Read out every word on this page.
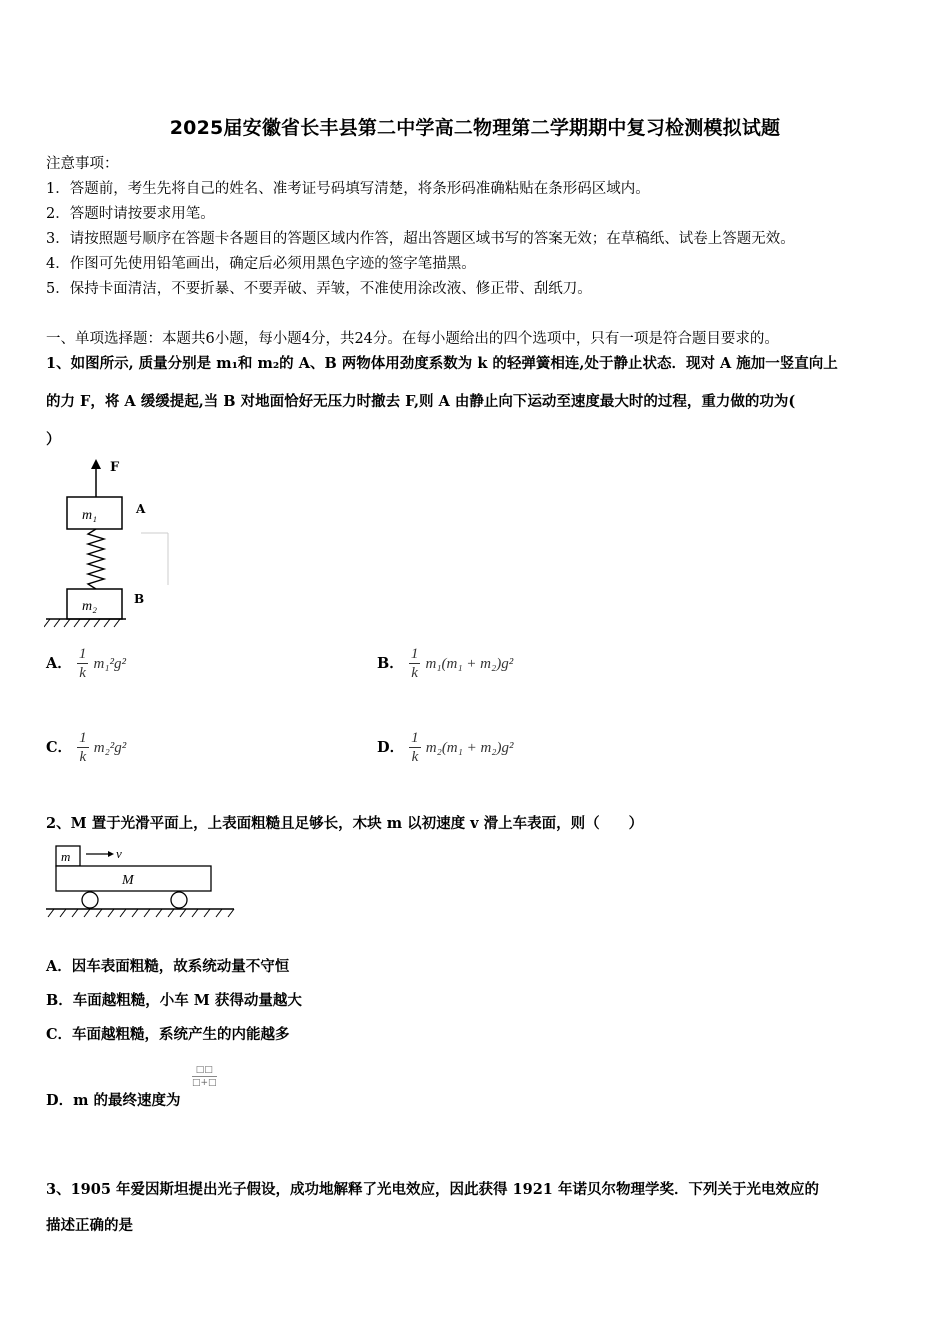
2025届安徽省长丰县第二中学高二物理第二学期期中复习检测模拟试题
注意事项：
1．答题前，考生先将自己的姓名、准考证号码填写清楚，将条形码准确粘贴在条形码区域内。
2．答题时请按要求用笔。
3．请按照题号顺序在答题卡各题目的答题区域内作答，超出答题区域书写的答案无效；在草稿纸、试卷上答题无效。
4．作图可先使用铅笔画出，确定后必须用黑色字迹的签字笔描黑。
5．保持卡面清洁，不要折暴、不要弄破、弄皱，不准使用涂改液、修正带、刮纸刀。
一、单项选择题：本题共6小题，每小题4分，共24分。在每小题给出的四个选项中，只有一项是符合题目要求的。
1、如图所示, 质量分别是 m₁和 m₂的 A、B 两物体用劲度系数为 k 的轻弹簧相连,处于静止状态．现对 A 施加一竖直向上
的力 F，将 A 缓缓提起,当 B 对地面恰好无压力时撤去 F,则 A 由静止向下运动至速度最大时的过程，重力做的功为(
）
F
m₁	A
m₂	B
A． $\frac{1}{k} m_1^2g^2$	B． $\frac{1}{k} m_1(m_1 + m_2)g^2$
C． $\frac{1}{k} m_2^2g^2$	D． $\frac{1}{k} m_2(m_1 + m_2)g^2$
2、M 置于光滑平面上，上表面粗糙且足够长，木块 m 以初速度 v 滑上车表面，则（　　）
m	v
M
A．因车表面粗糙，故系统动量不守恒
B．车面越粗糙，小车 M 获得动量越大
C．车面越粗糙，系统产生的内能越多
D．m 的最终速度为
□□
□+□
3、1905 年爱因斯坦提出光子假设，成功地解释了光电效应，因此获得 1921 年诺贝尔物理学奖．下列关于光电效应的
描述正确的是
